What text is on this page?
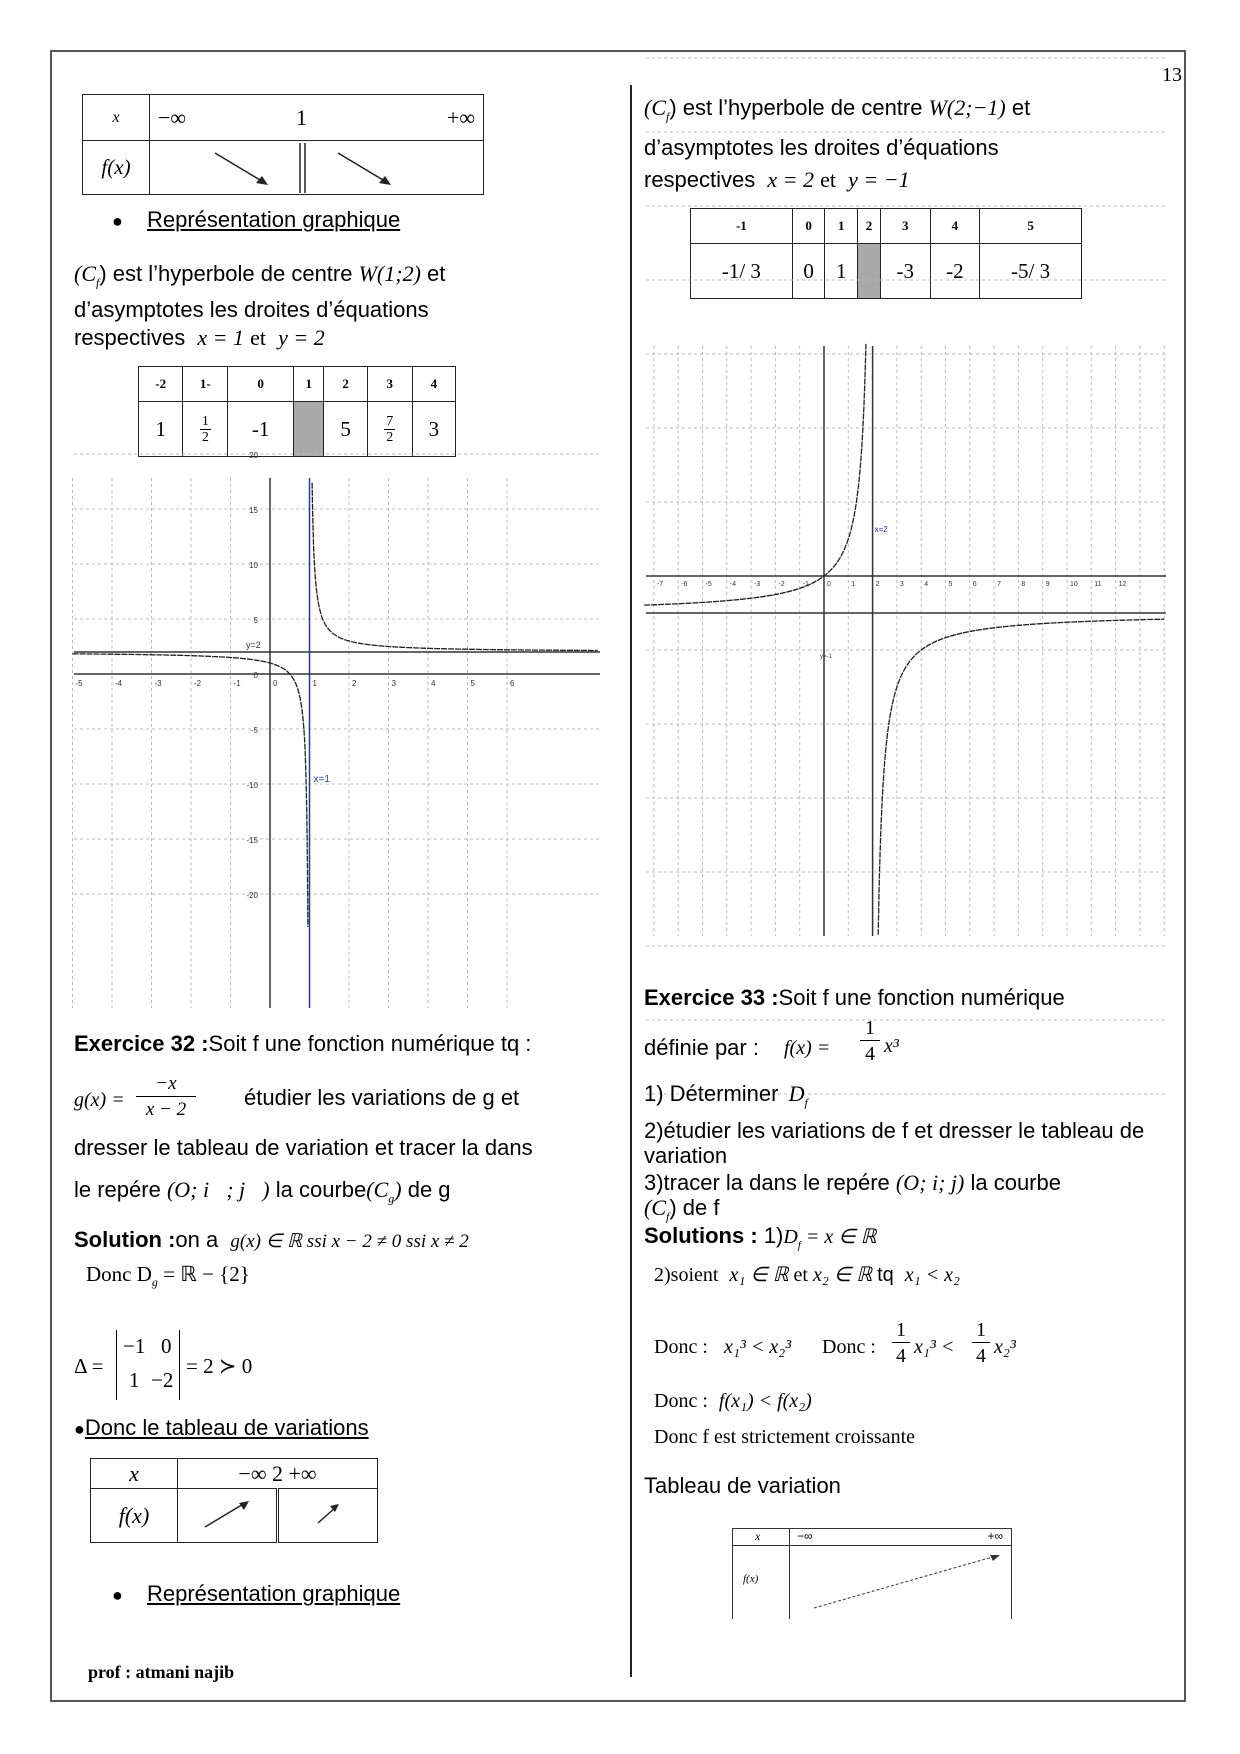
13
x	−∞ 1 +∞

f(x)	
● Représentation graphique
$(C_f)$ est l’hyperbole de centre W(1;2) et
d’asymptotes les droites d’équations
respectives x = 1 et y = 2
-2	1-	0	1	2	3	4
1	$\frac{1}{2}$	-1		5	$\frac{7}{2}$	3
-5	-4	-3	-2	-1	0	1	2	3	4	5	6
20
15
10
5
0
-5
-10
-15
-20
y=2
x=1
Exercice 32 :Soit f une fonction numérique tq :
g(x) =
−x
x − 2	étudier les variations de g et
dresser le tableau de variation et tracer la dans
le repére (O; i⃗; j⃗) la $courbe(C_g)$ de g
Solution :on a g(x) ∈ ℝ ssi x − 2 ≠ 0 ssi x ≠ 2
Donc $D_g$ = ℝ − {2}
Δ =
−1 0
1 −2
= 2 ≻ 0
●Donc le tableau de variations
x	−∞ 2 +∞	
f(x)		
● Représentation graphique
prof : atmani najib
$(C_f)$ est l’hyperbole de centre W(2;−1) et
d’asymptotes les droites d’équations
respectives x = 2 et y = −1
-1	0	1	2	3	4	5
-1/ 3	0	1		-3	-2	-5/ 3
-7	-6	-5	-4	-3	-2	-1	0	1	2	3	4	5	6	7	8	9	10 11 12
x=2
y=-1
Exercice 33 :Soit f une fonction numérique
définie par : f(x) =
1
4 x³
1) Déterminer $D_f$
2)étudier les variations de f et dresser le tableau de variation
3)tracer la dans le repére (O; i; j) la courbe
$(C_f)$ de f
Solutions : $1)D_f = x$ ∈ ℝ
2)soient x₁ ∈ ℝ et x₂ ∈ ℝ tq x₁ < x₂
Donc : x₁³ < x₂³ Donc :
1
4 x₁³ <
1
4 x₂³
Donc : f(x₁) < f(x₂)
Donc f est strictement croissante
Tableau de variation
x	−∞	+∞
f(x)
